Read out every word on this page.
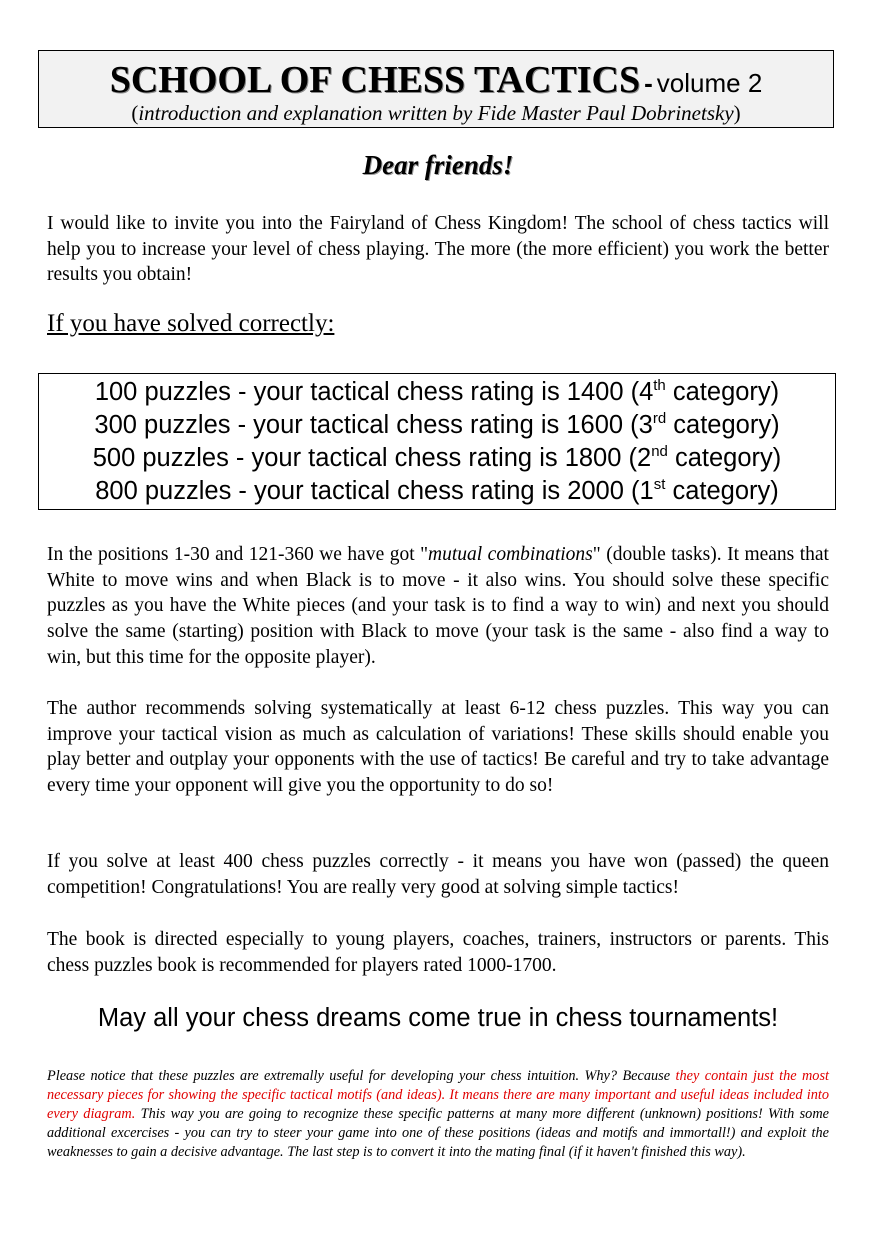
SCHOOL OF CHESS TACTICS - volume 2
(introduction and explanation written by Fide Master Paul Dobrinetsky)
Dear friends!

I would like to invite you into the Fairyland of Chess Kingdom! The school of chess tactics will help you to increase your level of chess playing. The more (the more efficient) you work the better results you obtain!

If you have solved correctly:

100 puzzles - your tactical chess rating is 1400 (4th category)
300 puzzles - your tactical chess rating is 1600 (3rd category)
500 puzzles - your tactical chess rating is 1800 (2nd category)
800 puzzles - your tactical chess rating is 2000 (1st category)

In the positions 1-30 and 121-360 we have got "mutual combinations" (double tasks). It means that White to move wins and when Black is to move - it also wins. You should solve these specific puzzles as you have the White pieces (and your task is to find a way to win) and next you should solve the same (starting) position with Black to move (your task is the same - also find a way to win, but this time for the opposite player).

The author recommends solving systematically at least 6-12 chess puzzles. This way you can improve your tactical vision as much as calculation of variations! These skills should enable you play better and outplay your opponents with the use of tactics! Be careful and try to take advantage every time your opponent will give you the opportunity to do so!

If you solve at least 400 chess puzzles correctly - it means you have won (passed) the queen competition! Congratulations! You are really very good at solving simple tactics!

The book is directed especially to young players, coaches, trainers, instructors or parents. This chess puzzles book is recommended for players rated 1000-1700.

May all your chess dreams come true in chess tournaments!

Please notice that these puzzles are extremally useful for developing your chess intuition. Why? Because they contain just the most necessary pieces for showing the specific tactical motifs (and ideas). It means there are many important and useful ideas included into every diagram. This way you are going to recognize these specific patterns at many more different (unknown) positions! With some additional excercises - you can try to steer your game into one of these positions (ideas and motifs and immortall!) and exploit the weaknesses to gain a decisive advantage. The last step is to convert it into the mating final (if it haven't finished this way).
